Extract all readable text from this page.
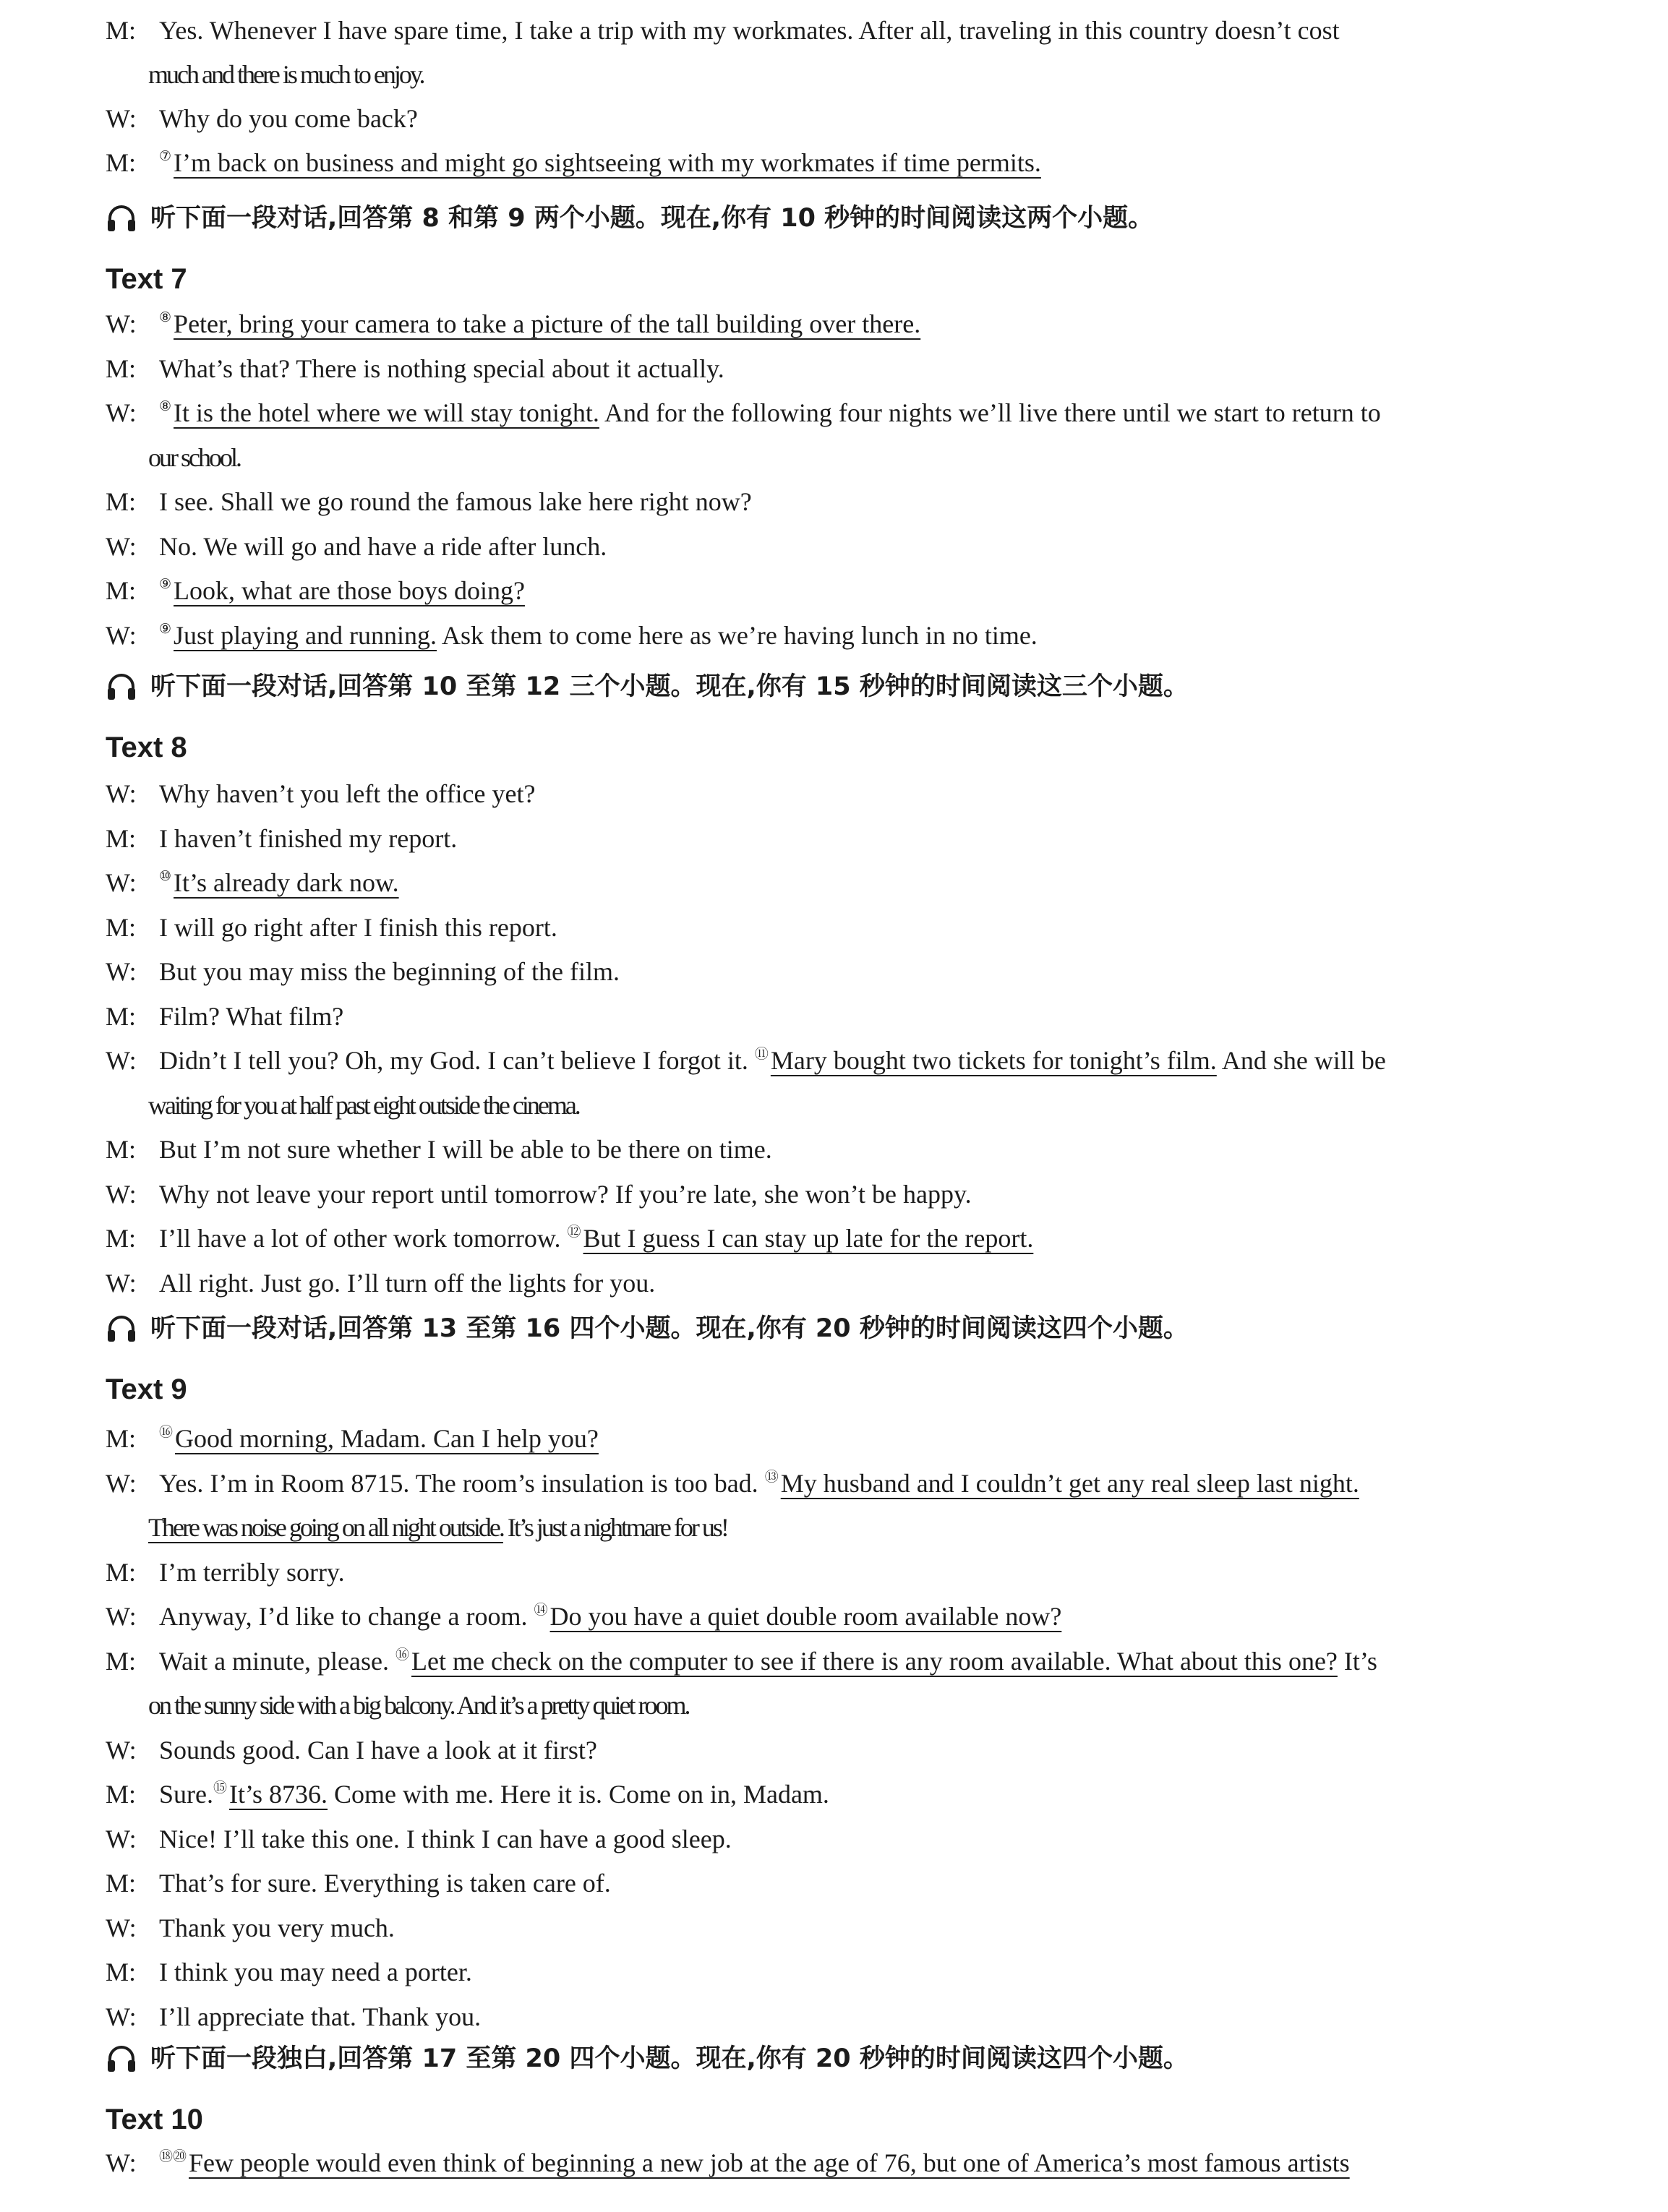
M: Yes. Whenever I have spare time, I take a trip with my workmates. After all, traveling in this country doesn’t cost
much and there is much to enjoy.
W: Why do you come back?
M: ⑦I’m back on business and might go sightseeing with my workmates if time permits.
听下面一段对话,回答第 8 和第 9 两个小题。现在,你有 10 秒钟的时间阅读这两个小题。
Text 7
W: ⑧Peter, bring your camera to take a picture of the tall building over there.
M: What’s that? There is nothing special about it actually.
W: ⑧It is the hotel where we will stay tonight. And for the following four nights we’ll live there until we start to return to
our school.
M: I see. Shall we go round the famous lake here right now?
W: No. We will go and have a ride after lunch.
M: ⑨Look, what are those boys doing?
W: ⑨Just playing and running. Ask them to come here as we’re having lunch in no time.
听下面一段对话,回答第 10 至第 12 三个小题。现在,你有 15 秒钟的时间阅读这三个小题。
Text 8
W: Why haven’t you left the office yet?
M: I haven’t finished my report.
W: ⑩It’s already dark now.
M: I will go right after I finish this report.
W: But you may miss the beginning of the film.
M: Film? What film?
W: Didn’t I tell you? Oh, my God. I can’t believe I forgot it. ⑪Mary bought two tickets for tonight’s film. And she will be
waiting for you at half past eight outside the cinema.
M: But I’m not sure whether I will be able to be there on time.
W: Why not leave your report until tomorrow? If you’re late, she won’t be happy.
M: I’ll have a lot of other work tomorrow. ⑫But I guess I can stay up late for the report.
W: All right. Just go. I’ll turn off the lights for you.
听下面一段对话,回答第 13 至第 16 四个小题。现在,你有 20 秒钟的时间阅读这四个小题。
Text 9
M: ⑯Good morning, Madam. Can I help you?
W: Yes. I’m in Room 8715. The room’s insulation is too bad. ⑬My husband and I couldn’t get any real sleep last night.
There was noise going on all night outside. It’s just a nightmare for us!
M: I’m terribly sorry.
W: Anyway, I’d like to change a room. ⑭Do you have a quiet double room available now?
M: Wait a minute, please. ⑯Let me check on the computer to see if there is any room available. What about this one? It’s
on the sunny side with a big balcony. And it’s a pretty quiet room.
W: Sounds good. Can I have a look at it first?
M: Sure.⑮It’s 8736. Come with me. Here it is. Come on in, Madam.
W: Nice! I’ll take this one. I think I can have a good sleep.
M: That’s for sure. Everything is taken care of.
W: Thank you very much.
M: I think you may need a porter.
W: I’ll appreciate that. Thank you.
听下面一段独白,回答第 17 至第 20 四个小题。现在,你有 20 秒钟的时间阅读这四个小题。
Text 10
W: ⑱⑳Few people would even think of beginning a new job at the age of 76, but one of America’s most famous artists
